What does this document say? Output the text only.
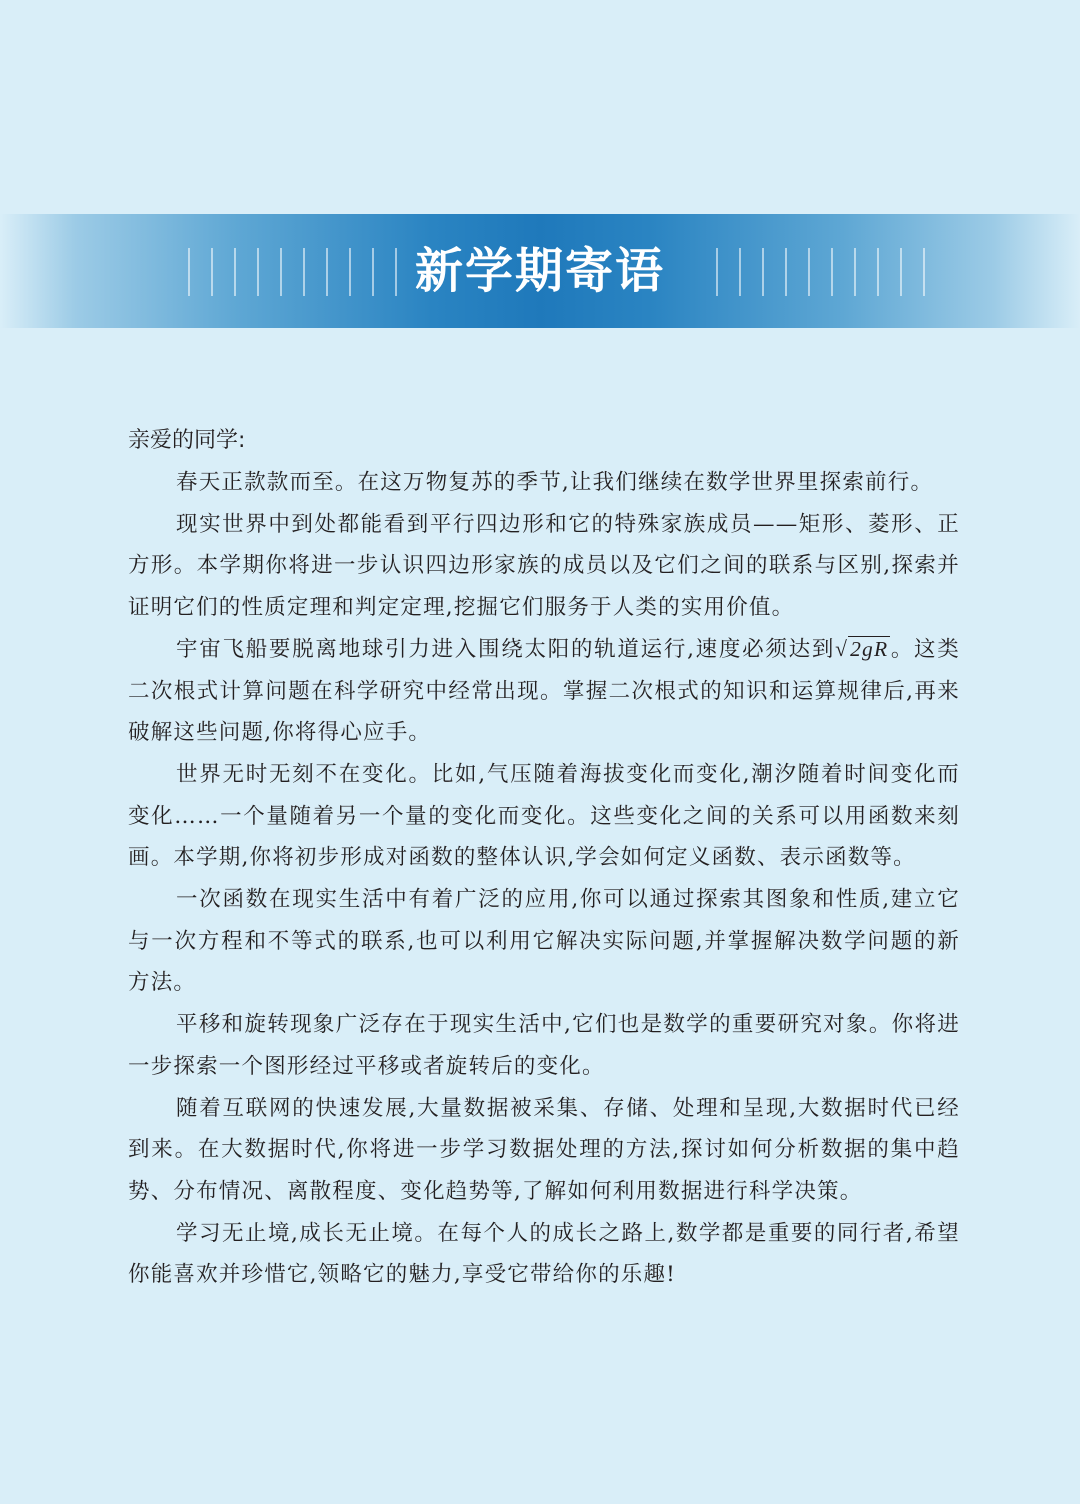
新学期寄语

亲爱的同学:

春天正款款而至。在这万物复苏的季节,让我们继续在数学世界里探索前行。

现实世界中到处都能看到平行四边形和它的特殊家族成员——矩形、菱形、正方形。本学期你将进一步认识四边形家族的成员以及它们之间的联系与区别,探索并证明它们的性质定理和判定定理,挖掘它们服务于人类的实用价值。

宇宙飞船要脱离地球引力进入围绕太阳的轨道运行,速度必须达到√2gR。这类二次根式计算问题在科学研究中经常出现。掌握二次根式的知识和运算规律后,再来破解这些问题,你将得心应手。

世界无时无刻不在变化。比如,气压随着海拔变化而变化,潮汐随着时间变化而变化……一个量随着另一个量的变化而变化。这些变化之间的关系可以用函数来刻画。本学期,你将初步形成对函数的整体认识,学会如何定义函数、表示函数等。

一次函数在现实生活中有着广泛的应用,你可以通过探索其图象和性质,建立它与一次方程和不等式的联系,也可以利用它解决实际问题,并掌握解决数学问题的新方法。

平移和旋转现象广泛存在于现实生活中,它们也是数学的重要研究对象。你将进一步探索一个图形经过平移或者旋转后的变化。

随着互联网的快速发展,大量数据被采集、存储、处理和呈现,大数据时代已经到来。在大数据时代,你将进一步学习数据处理的方法,探讨如何分析数据的集中趋势、分布情况、离散程度、变化趋势等,了解如何利用数据进行科学决策。

学习无止境,成长无止境。在每个人的成长之路上,数学都是重要的同行者,希望你能喜欢并珍惜它,领略它的魅力,享受它带给你的乐趣!
